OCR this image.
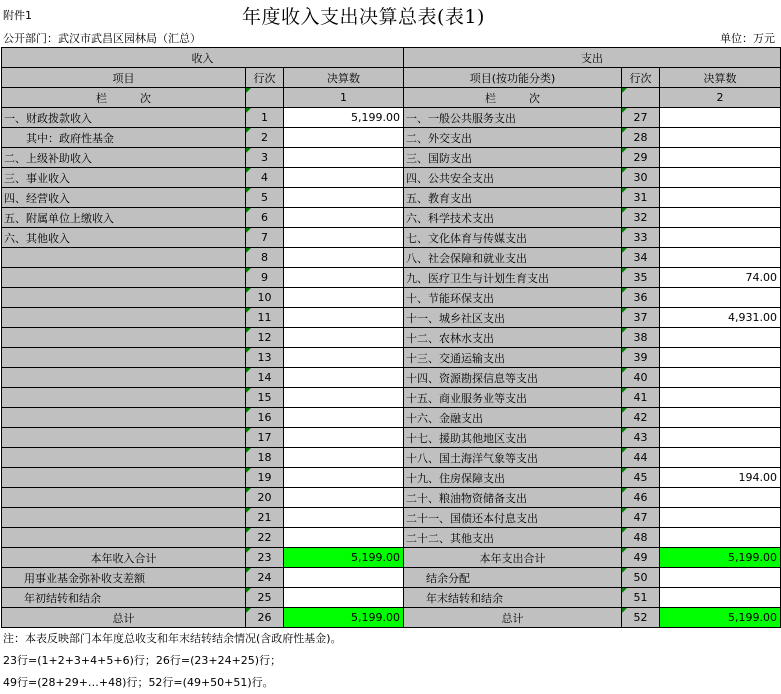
附件1	年度收入支出决算总表(表1)
公开部门：武汉市武昌区园林局（汇总）	单位：万元
收入			支出		
项目	行次	决算数	项目(按功能分类)	行次	决算数
栏　　　次		1	栏　　　次		2
一、财政拨款收入	1	5,199.00	一、一般公共服务支出	27	
其中：政府性基金	2		二、外交支出	28	
二、上级补助收入	3		三、国防支出	29	
三、事业收入	4		四、公共安全支出	30	
四、经营收入	5		五、教育支出	31	
五、附属单位上缴收入	6		六、科学技术支出	32	
六、其他收入	7		七、文化体育与传媒支出	33	
	8		八、社会保障和就业支出	34	
	9		九、医疗卫生与计划生育支出	35	74.00
	10		十、节能环保支出	36	
	11		十一、城乡社区支出	37	4,931.00
	12		十二、农林水支出	38	
	13		十三、交通运输支出	39	
	14		十四、资源勘探信息等支出	40	
	15		十五、商业服务业等支出	41	
	16		十六、金融支出	42	
	17		十七、援助其他地区支出	43	
	18		十八、国土海洋气象等支出	44	
	19		十九、住房保障支出	45	194.00
	20		二十、粮油物资储备支出	46	
	21		二十一、国债还本付息支出	47	
	22		二十二、其他支出	48	
本年收入合计	23	5,199.00	本年支出合计	49	5,199.00
用事业基金弥补收支差额	24		结余分配	50	
年初结转和结余	25		年末结转和结余	51	
总计	26	5,199.00	总计	52	5,199.00
注：本表反映部门本年度总收支和年末结转结余情况(含政府性基金)。
23行=(1+2+3+4+5+6)行；26行=(23+24+25)行；
49行=(28+29+…+48)行；52行=(49+50+51)行。
